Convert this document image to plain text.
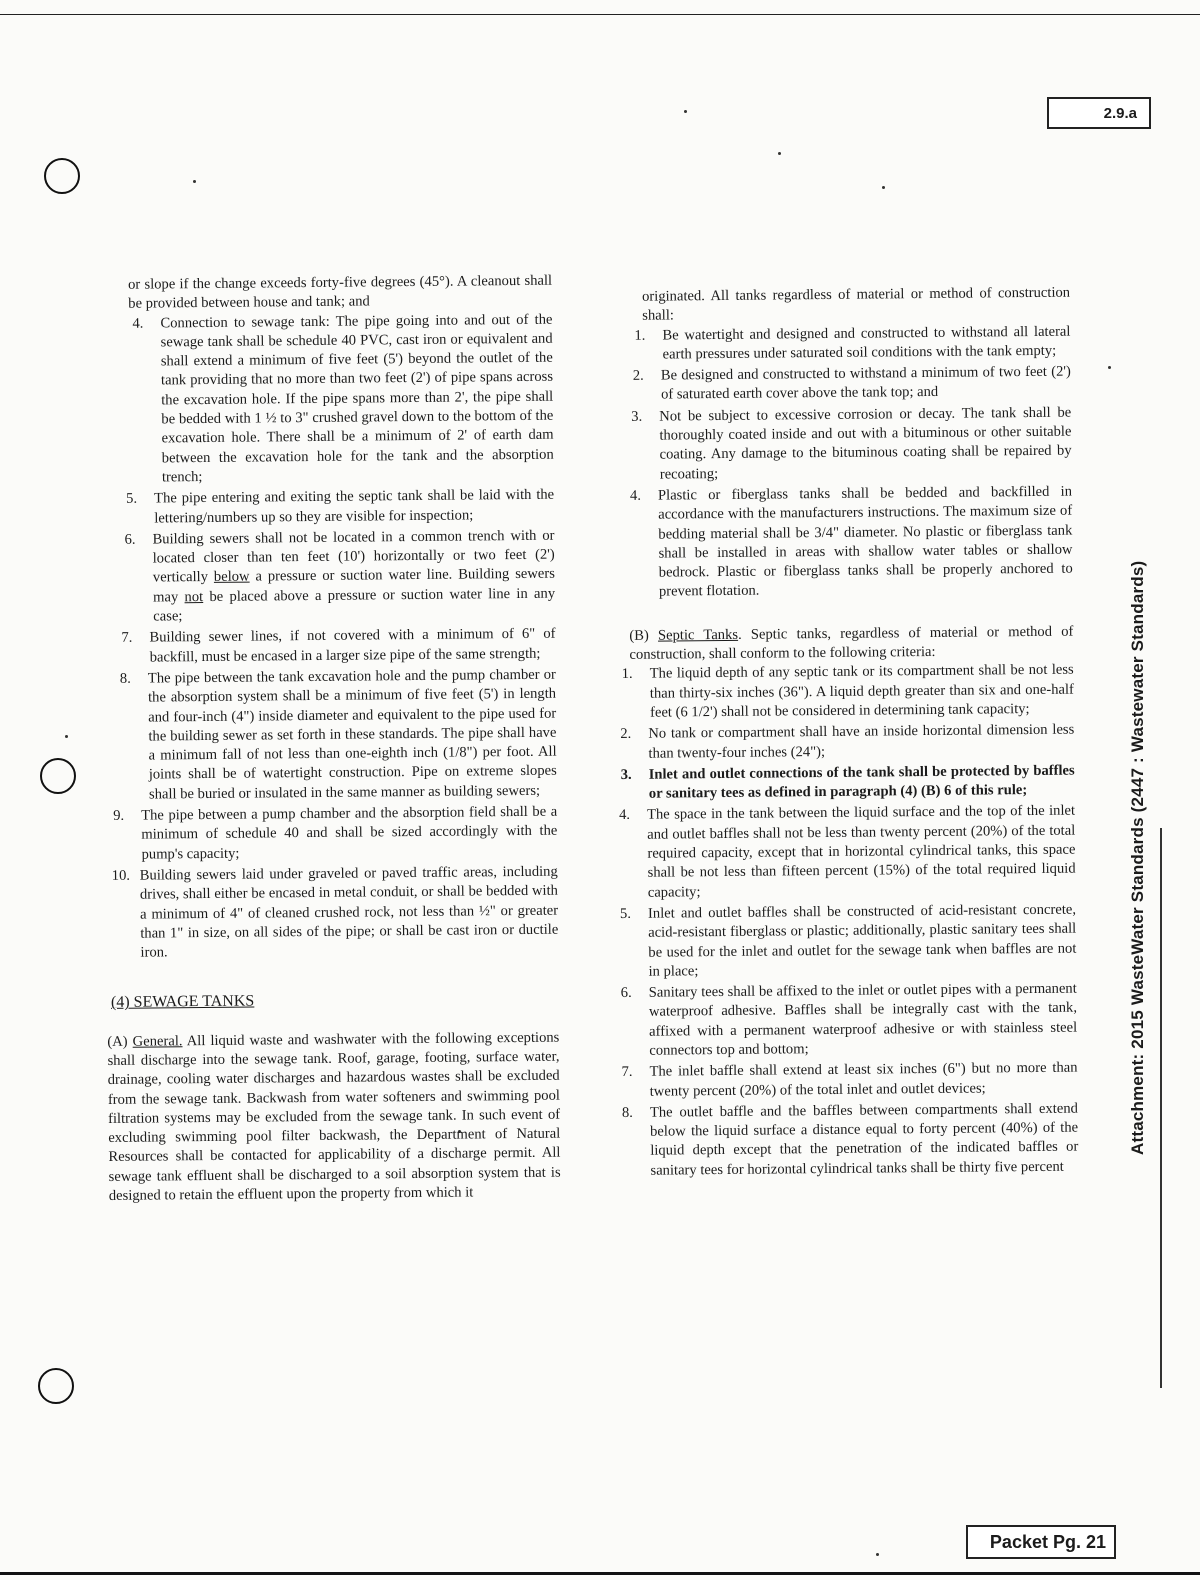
2.9.a

or slope if the change exceeds forty-five degrees (45°). A cleanout shall be provided between house and tank; and

4.	Connection to sewage tank: The pipe going into and out of the sewage tank shall be schedule 40 PVC, cast iron or equivalent and shall extend a minimum of five feet (5') beyond the outlet of the tank providing that no more than two feet (2') of pipe spans across the excavation hole. If the pipe spans more than 2', the pipe shall be bedded with 1 ½ to 3" crushed gravel down to the bottom of the excavation hole. There shall be a minimum of 2' of earth dam between the excavation hole for the tank and the absorption trench;
5.	The pipe entering and exiting the septic tank shall be laid with the lettering/numbers up so they are visible for inspection;
6.	Building sewers shall not be located in a common trench with or located closer than ten feet (10') horizontally or two feet (2') vertically below a pressure or suction water line. Building sewers may not be placed above a pressure or suction water line in any case;
7.	Building sewer lines, if not covered with a minimum of 6" of backfill, must be encased in a larger size pipe of the same strength;
8.	The pipe between the tank excavation hole and the pump chamber or the absorption system shall be a minimum of five feet (5') in length and four-inch (4") inside diameter and equivalent to the pipe used for the building sewer as set forth in these standards. The pipe shall have a minimum fall of not less than one-eighth inch (1/8") per foot. All joints shall be of watertight construction. Pipe on extreme slopes shall be buried or insulated in the same manner as building sewers;
9.	The pipe between a pump chamber and the absorption field shall be a minimum of schedule 40 and shall be sized accordingly with the pump's capacity;
10. Building sewers laid under graveled or paved traffic areas, including drives, shall either be encased in metal conduit, or shall be bedded with a minimum of 4" of cleaned crushed rock, not less than ½" or greater than 1" in size, on all sides of the pipe; or shall be cast iron or ductile iron.
(4) SEWAGE TANKS

(A) General. All liquid waste and washwater with the following exceptions shall discharge into the sewage tank. Roof, garage, footing, surface water, drainage, cooling water discharges and hazardous wastes shall be excluded from the sewage tank. Backwash from water softeners and swimming pool filtration systems may be excluded from the sewage tank. In such event of excluding swimming pool filter backwash, the Department of Natural Resources shall be contacted for applicability of a discharge permit. All sewage tank effluent shall be discharged to a soil absorption system that is designed to retain the effluent upon the property from which it

originated. All tanks regardless of material or method of construction shall:

1.	Be watertight and designed and constructed to withstand all lateral earth pressures under saturated soil conditions with the tank empty;
2.	Be designed and constructed to withstand a minimum of two feet (2') of saturated earth cover above the tank top; and
3.	Not be subject to excessive corrosion or decay. The tank shall be thoroughly coated inside and out with a bituminous or other suitable coating. Any damage to the bituminous coating shall be repaired by recoating;
4.	Plastic or fiberglass tanks shall be bedded and backfilled in accordance with the manufacturers instructions. The maximum size of bedding material shall be 3/4" diameter. No plastic or fiberglass tank shall be installed in areas with shallow water tables or shallow bedrock. Plastic or fiberglass tanks shall be properly anchored to prevent flotation.

(B) Septic Tanks. Septic tanks, regardless of material or method of construction, shall conform to the following criteria:

1.	The liquid depth of any septic tank or its compartment shall be not less than thirty-six inches (36"). A liquid depth greater than six and one-half feet (6 1/2') shall not be considered in determining tank capacity;
2.	No tank or compartment shall have an inside horizontal dimension less than twenty-four inches (24");
3.	Inlet and outlet connections of the tank shall be protected by baffles or sanitary tees as defined in paragraph (4) (B) 6 of this rule;
4.	The space in the tank between the liquid surface and the top of the inlet and outlet baffles shall not be less than twenty percent (20%) of the total required capacity, except that in horizontal cylindrical tanks, this space shall be not less than fifteen percent (15%) of the total required liquid capacity;
5.	Inlet and outlet baffles shall be constructed of acid-resistant concrete, acid-resistant fiberglass or plastic; additionally, plastic sanitary tees shall be used for the inlet and outlet for the sewage tank when baffles are not in place;
6.	Sanitary tees shall be affixed to the inlet or outlet pipes with a permanent waterproof adhesive. Baffles shall be integrally cast with the tank, affixed with a permanent waterproof adhesive or with stainless steel connectors top and bottom;
7.	The inlet baffle shall extend at least six inches (6") but no more than twenty percent (20%) of the total inlet and outlet devices;
8.	The outlet baffle and the baffles between compartments shall extend below the liquid surface a distance equal to forty percent (40%) of the liquid depth except that the penetration of the indicated baffles or sanitary tees for horizontal cylindrical tanks shall be thirty five percent
Attachment: 2015 WasteWater Standards (2447 : Wastewater Standards)
Packet Pg. 21
